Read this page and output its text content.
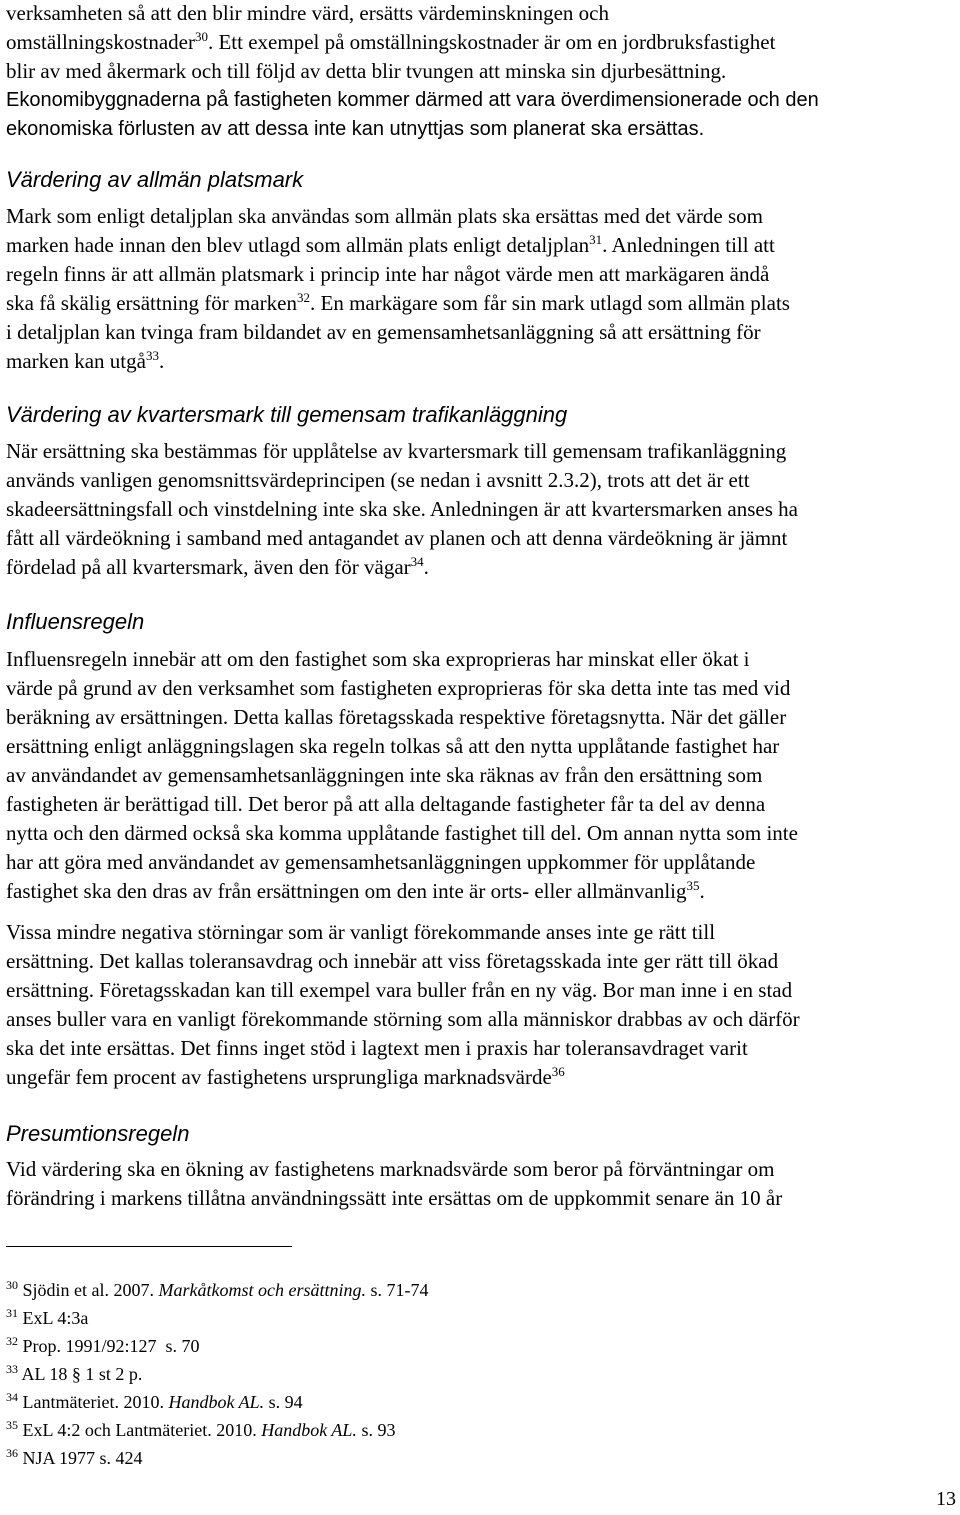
verksamheten så att den blir mindre värd, ersätts värdeminskningen och
omställningskostnader$^{30}$. Ett exempel på omställningskostnader är om en jordbruksfastighet
blir av med åkermark och till följd av detta blir tvungen att minska sin djurbesättning.
Ekonomibyggnaderna på fastigheten kommer därmed att vara överdimensionerade och den
ekonomiska förlusten av att dessa inte kan utnyttjas som planerat ska ersättas.
Värdering av allmän platsmark
Mark som enligt detaljplan ska användas som allmän plats ska ersättas med det värde som
marken hade innan den blev utlagd som allmän plats enligt detaljplan$^{31}$. Anledningen till att
regeln finns är att allmän platsmark i princip inte har något värde men att markägaren ändå
ska få skälig ersättning för marken$^{32}$. En markägare som får sin mark utlagd som allmän plats
i detaljplan kan tvinga fram bildandet av en gemensamhetsanläggning så att ersättning för
marken kan utgå$^{33}$.
Värdering av kvartersmark till gemensam trafikanläggning
När ersättning ska bestämmas för upplåtelse av kvartersmark till gemensam trafikanläggning
används vanligen genomsnittsvärdeprincipen (se nedan i avsnitt 2.3.2), trots att det är ett
skadeersättningsfall och vinstdelning inte ska ske. Anledningen är att kvartersmarken anses ha
fått all värdeökning i samband med antagandet av planen och att denna värdeökning är jämnt
fördelad på all kvartersmark, även den för vägar$^{34}$.
Influensregeln
Influensregeln innebär att om den fastighet som ska exproprieras har minskat eller ökat i
värde på grund av den verksamhet som fastigheten exproprieras för ska detta inte tas med vid
beräkning av ersättningen. Detta kallas företagsskada respektive företagsnytta. När det gäller
ersättning enligt anläggningslagen ska regeln tolkas så att den nytta upplåtande fastighet har
av användandet av gemensamhetsanläggningen inte ska räknas av från den ersättning som
fastigheten är berättigad till. Det beror på att alla deltagande fastigheter får ta del av denna
nytta och den därmed också ska komma upplåtande fastighet till del. Om annan nytta som inte
har att göra med användandet av gemensamhetsanläggningen uppkommer för upplåtande
fastighet ska den dras av från ersättningen om den inte är orts- eller allmänvanlig$^{35}$.
Vissa mindre negativa störningar som är vanligt förekommande anses inte ge rätt till
ersättning. Det kallas toleransavdrag och innebär att viss företagsskada inte ger rätt till ökad
ersättning. Företagsskadan kan till exempel vara buller från en ny väg. Bor man inne i en stad
anses buller vara en vanligt förekommande störning som alla människor drabbas av och därför
ska det inte ersättas. Det finns inget stöd i lagtext men i praxis har toleransavdraget varit
ungefär fem procent av fastighetens ursprungliga marknadsvärde$^{36}$
Presumtionsregeln
Vid värdering ska en ökning av fastighetens marknadsvärde som beror på förväntningar om
förändring i markens tillåtna användningssätt inte ersättas om de uppkommit senare än 10 år
$^{30}$ Sjödin et al. 2007. Markåtkomst och ersättning. s. 71-74
$^{31}$ ExL 4:3a
$^{32}$ Prop. 1991/92:127  s. 70
$^{33}$ AL 18 § 1 st 2 p.
$^{34}$ Lantmäteriet. 2010. Handbok AL. s. 94
$^{35}$ ExL 4:2 och Lantmäteriet. 2010. Handbok AL. s. 93
$^{36}$ NJA 1977 s. 424
13
